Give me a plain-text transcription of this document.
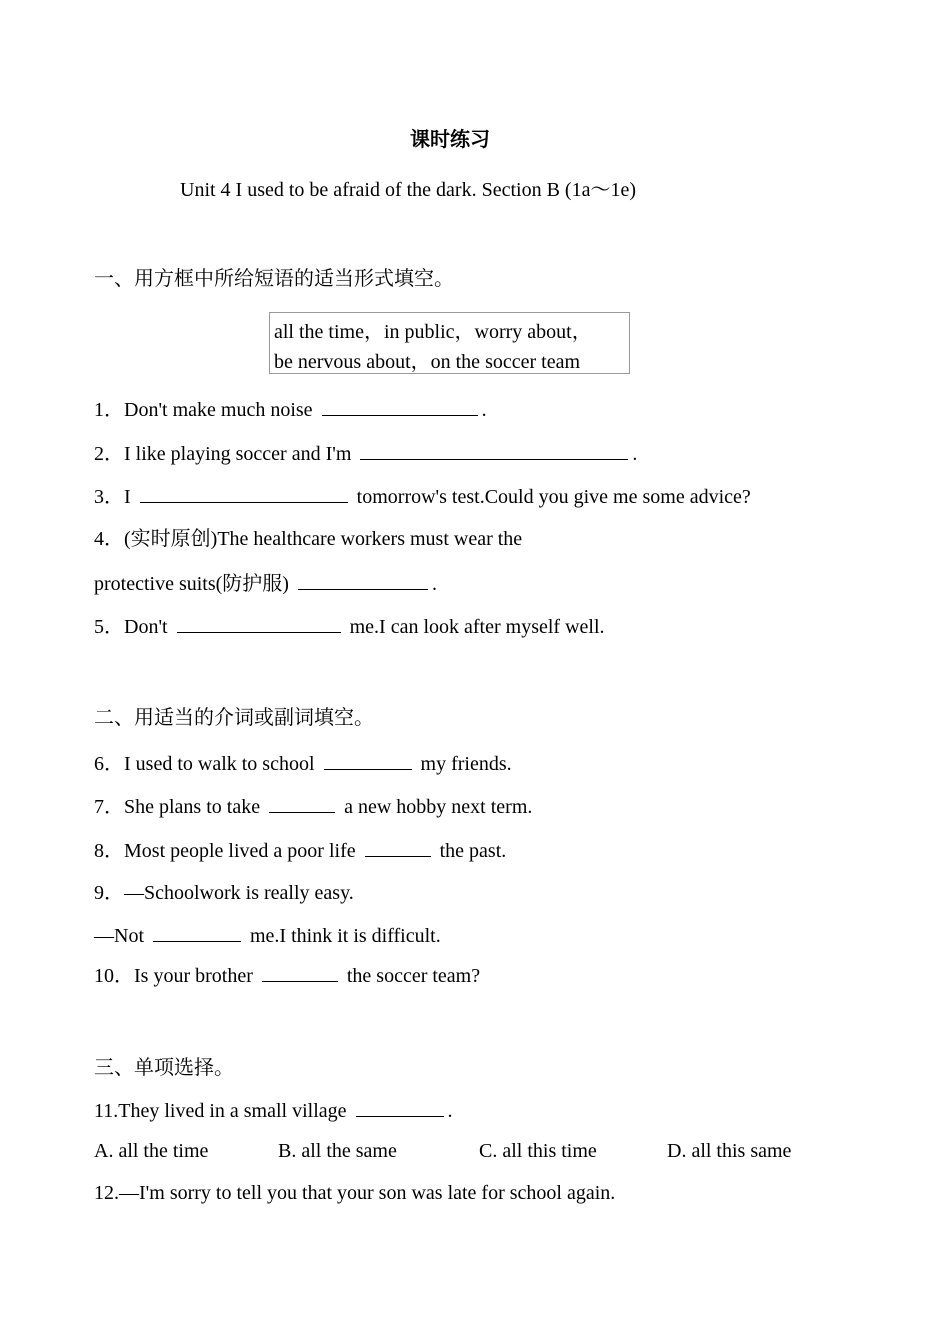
课时练习
Unit 4 I used to be afraid of the dark. Section B (1a～1e)
一、用方框中所给短语的适当形式填空。
all the time，in public，worry about，
be nervous about，on the soccer team
1．Don't make much noise	.
2．I like playing soccer and I'm	.
3．I	tomorrow's test.Could you give me some advice?
4．(实时原创)The healthcare workers must wear the
protective suits(防护服)	.
5．Don't	me.I can look after myself well.
二、用适当的介词或副词填空。
6．I used to walk to school	my friends.
7．She plans to take	a new hobby next term.
8．Most people lived a poor life	the past.
9．—Schoolwork is really easy.
—Not	me.I think it is difficult.
10．Is your brother	the soccer team?
三、单项选择。
11.They lived in a small village	.
A. all the time	B. all the same	C. all this time	D. all this same
12.—I'm sorry to tell you that your son was late for school again.
